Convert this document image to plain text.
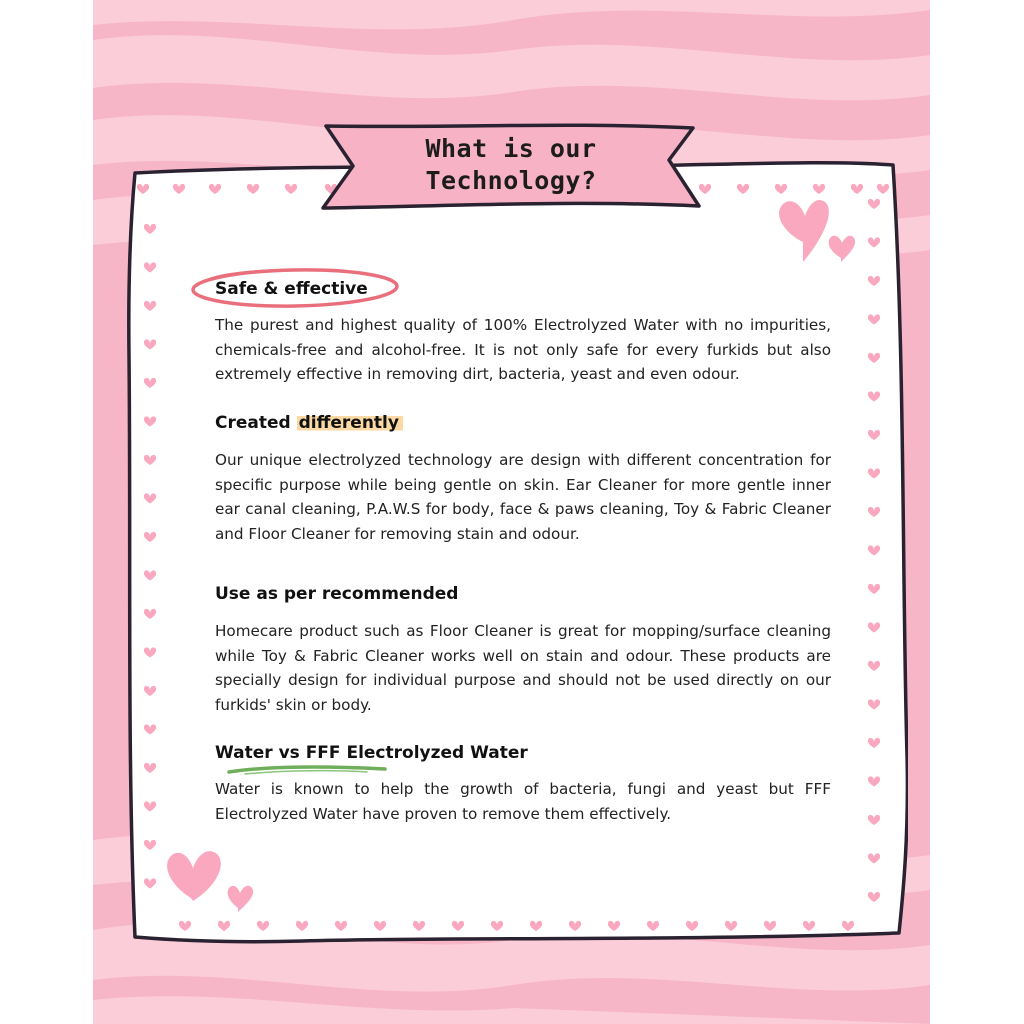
What is our
Technology?
Safe & effective

The purest and highest quality of 100% Electrolyzed Water with no impurities, chemicals-free and alcohol-free. It is not only safe for every furkids but also extremely effective in removing dirt, bacteria, yeast and even odour.

Created differently

Our unique electrolyzed technology are design with different concentration for specific purpose while being gentle on skin. Ear Cleaner for more gentle inner ear canal cleaning, P.A.W.S for body, face & paws cleaning, Toy & Fabric Cleaner and Floor Cleaner for removing stain and odour.

Use as per recommended

Homecare product such as Floor Cleaner is great for mopping/surface cleaning while Toy & Fabric Cleaner works well on stain and odour. These products are specially design for individual purpose and should not be used directly on our furkids' skin or body.

Water vs FFF Electrolyzed Water

Water is known to help the growth of bacteria, fungi and yeast but FFF Electrolyzed Water have proven to remove them effectively.
